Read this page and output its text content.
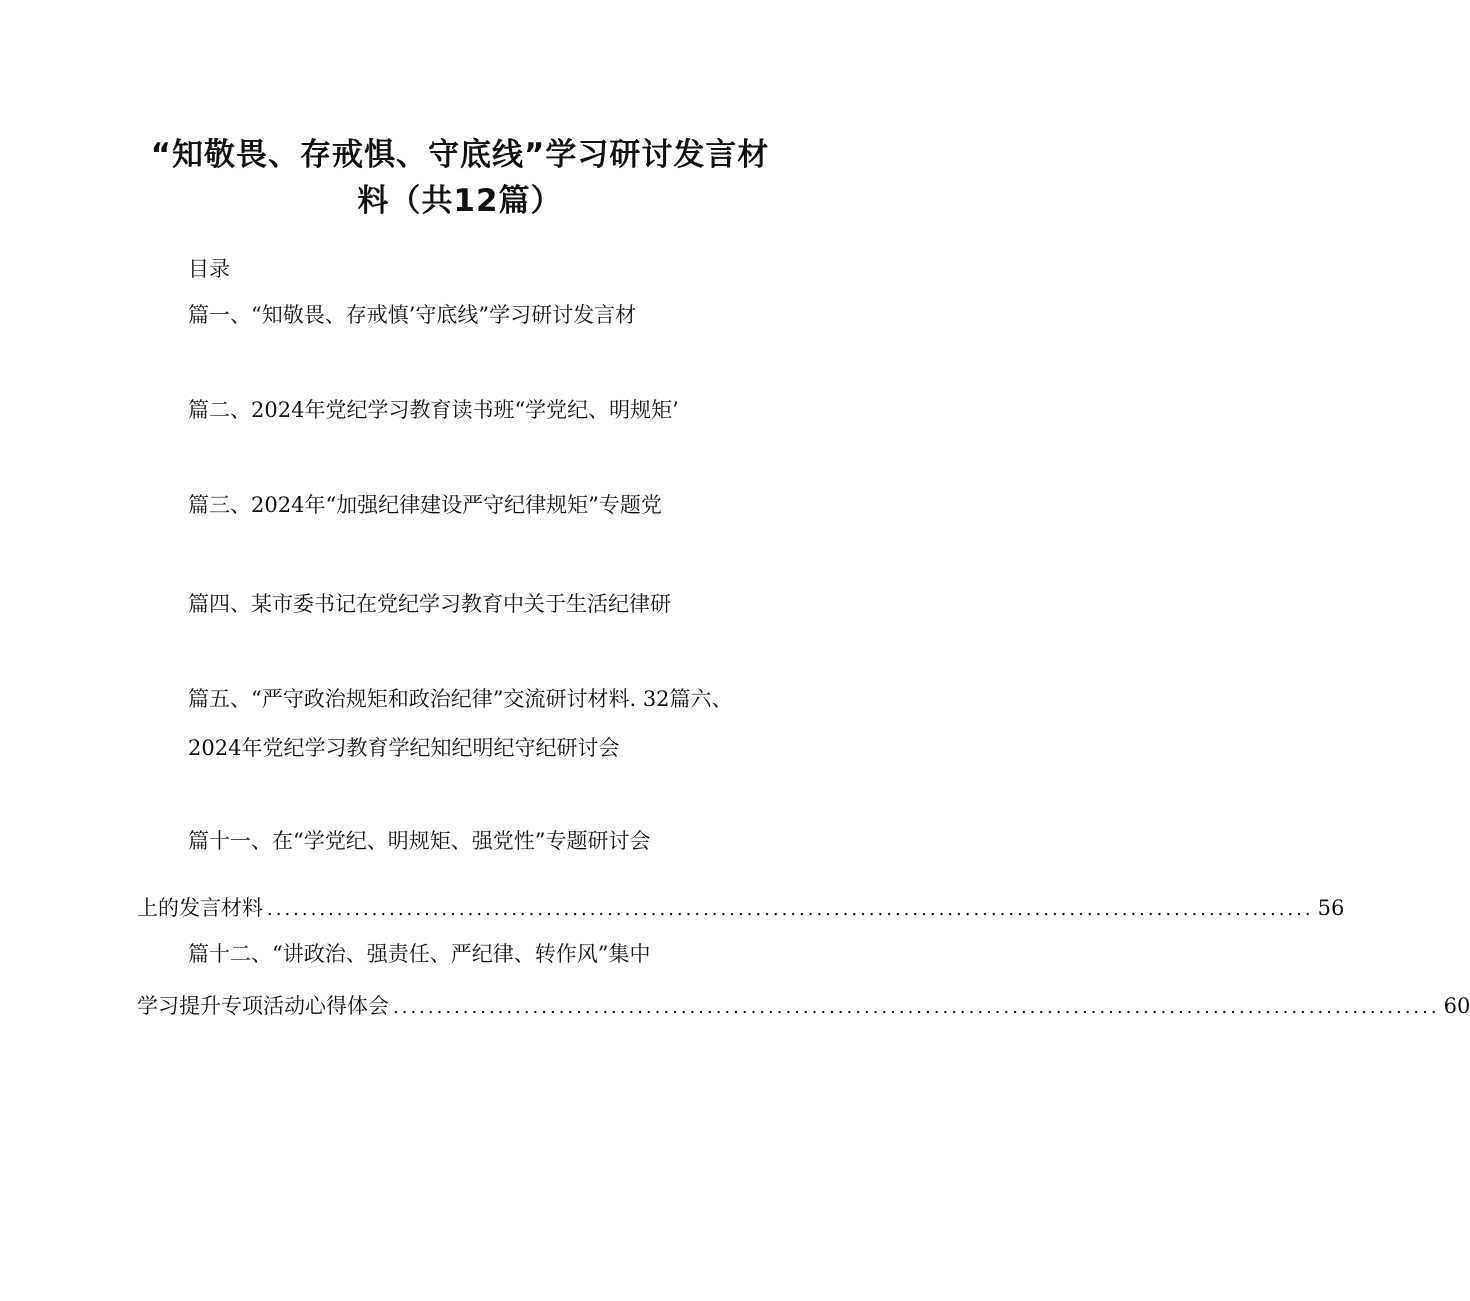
“知敬畏、存戒惧、守底线”学习研讨发言材
料（共12篇）
目录
篇一、“知敬畏、存戒慎’守底线”学习研讨发言材
篇二、2024年党纪学习教育读书班“学党纪、明规矩’
篇三、2024年“加强纪律建设严守纪律规矩”专题党
篇四、某市委书记在党纪学习教育中关于生活纪律研
篇五、“严守政治规矩和政治纪律”交流研讨材料. 32篇六、
2024年党纪学习教育学纪知纪明纪守纪研讨会
篇十一、在“学党纪、明规矩、强党性”专题研讨会
上的发言材料 ........................................................................................................................ 56
篇十二、“讲政治、强责任、严纪律、转作风”集中
学习提升专项活动心得体会 ........................................................................................................................ 60
